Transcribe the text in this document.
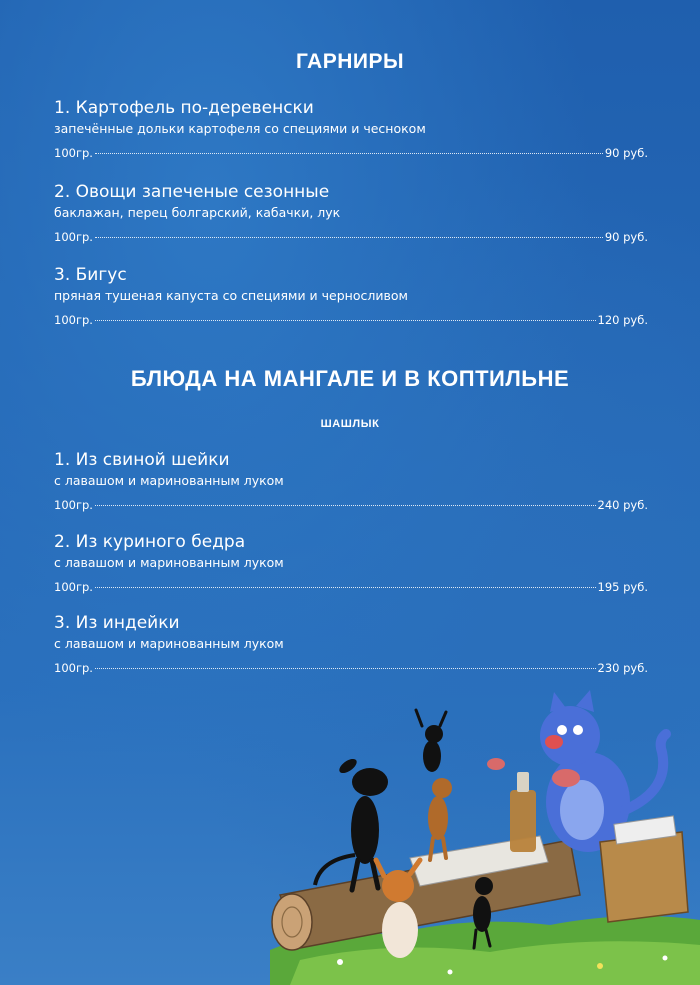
ГАРНИРЫ
1. Картофель по-деревенски
запечённые дольки картофеля со специями и чесноком
100гр.	90 руб.
2. Овощи запеченые сезонные
баклажан, перец болгарский, кабачки, лук
100гр.	90 руб.
3. Бигус
пряная тушеная капуста со специями и черносливом
100гр.	120 руб.
БЛЮДА НА МАНГАЛЕ И В КОПТИЛЬНЕ
ШАШЛЫК
1. Из свиной шейки
с лавашом и маринованным луком
100гр.	240 руб.
2. Из куриного бедра
с лавашом и маринованным луком
100гр.	195 руб.
3. Из индейки
с лавашом и маринованным луком
100гр.	230 руб.
